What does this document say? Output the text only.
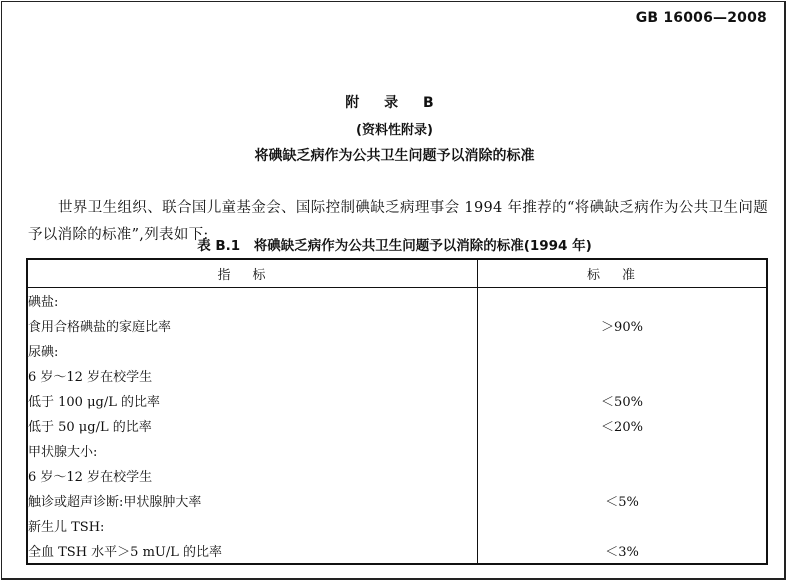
GB 16006—2008
附 录 B
(资料性附录)
将碘缺乏病作为公共卫生问题予以消除的标准

世界卫生组织、联合国儿童基金会、国际控制碘缺乏病理事会 1994 年推荐的“将碘缺乏病作为公共卫生问题予以消除的标准”,列表如下:

表 B.1　将碘缺乏病作为公共卫生问题予以消除的标准(1994 年)
指标	标准
碘盐:	
食用合格碘盐的家庭比率	＞90%
尿碘:	
6 岁～12 岁在校学生	
低于 100 μg/L 的比率	＜50%
低于 50 μg/L 的比率	＜20%
甲状腺大小:	
6 岁～12 岁在校学生	
触诊或超声诊断:甲状腺肿大率	＜5%
新生儿 TSH:	
全血 TSH 水平＞5 mU/L 的比率	＜3%
